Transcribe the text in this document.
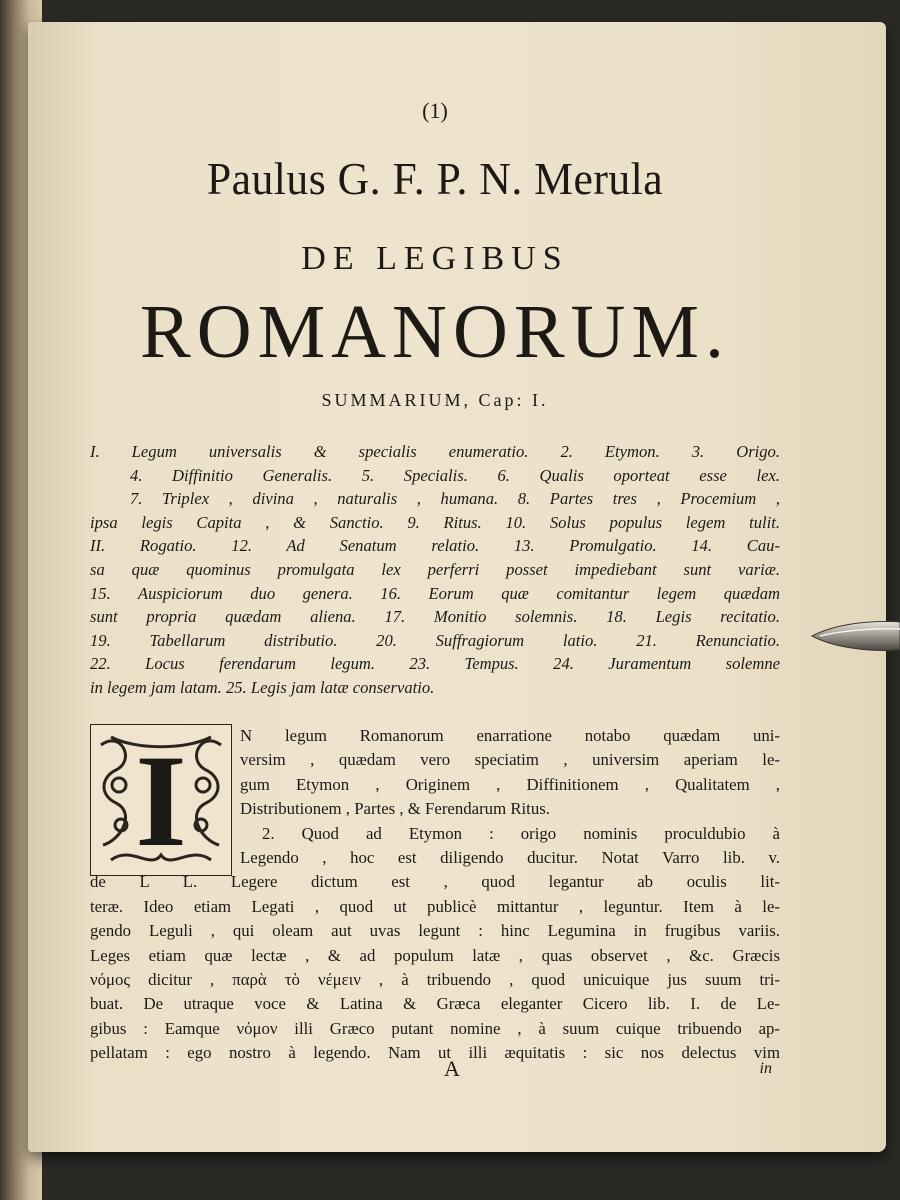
(1)
Paulus G. F. P. N. Merula
DE LEGIBUS
ROMANORUM.
SUMMARIUM, Cap: I.
I. Legum universalis & specialis enumeratio. 2. Etymon. 3. Origo.
4. Diffinitio Generalis. 5. Specialis. 6. Qualis oporteat esse lex.
7. Triplex , divina , naturalis , humana. 8. Partes tres , Procemium ,
ipsa legis Capita , & Sanctio. 9. Ritus. 10. Solus populus legem tulit.
II. Rogatio. 12. Ad Senatum relatio. 13. Promulgatio. 14. Cau-
sa quæ quominus promulgata lex perferri posset impediebant sunt variæ.
15. Auspiciorum duo genera. 16. Eorum quæ comitantur legem quædam
sunt propria quædam aliena. 17. Monitio solemnis. 18. Legis recitatio.
19. Tabellarum distributio. 20. Suffragiorum latio. 21. Renunciatio.
22. Locus ferendarum legum. 23. Tempus. 24. Juramentum solemne
in legem jam latam. 25. Legis jam latæ conservatio.
I	N legum Romanorum enarratione notabo quædam uni-
versim , quædam vero speciatim , universim aperiam le-
gum Etymon , Originem , Diffinitionem , Qualitatem ,
Distributionem , Partes , & Ferendarum Ritus.
2. Quod ad Etymon : origo nominis proculdubio à
Legendo , hoc est diligendo ducitur. Notat Varro lib. v.
de L L. Legere dictum est , quod legantur ab oculis lit-
teræ. Ideo etiam Legati , quod ut publicè mittantur , leguntur. Item à le-
gendo Leguli , qui oleam aut uvas legunt : hinc Legumina in frugibus variis.
Leges etiam quæ lectæ , & ad populum latæ , quas observet , &c. Græcis
νόμος dicitur , παρὰ τὸ νέμειν , à tribuendo , quod unicuique jus suum tri-
buat. De utraque voce & Latina & Græca eleganter Cicero lib. I. de Le-
gibus : Eamque νόμον illi Græco putant nomine , à suum cuique tribuendo ap-
pellatam : ego nostro à legendo. Nam ut illi æquitatis : sic nos delectus vim
A	in
